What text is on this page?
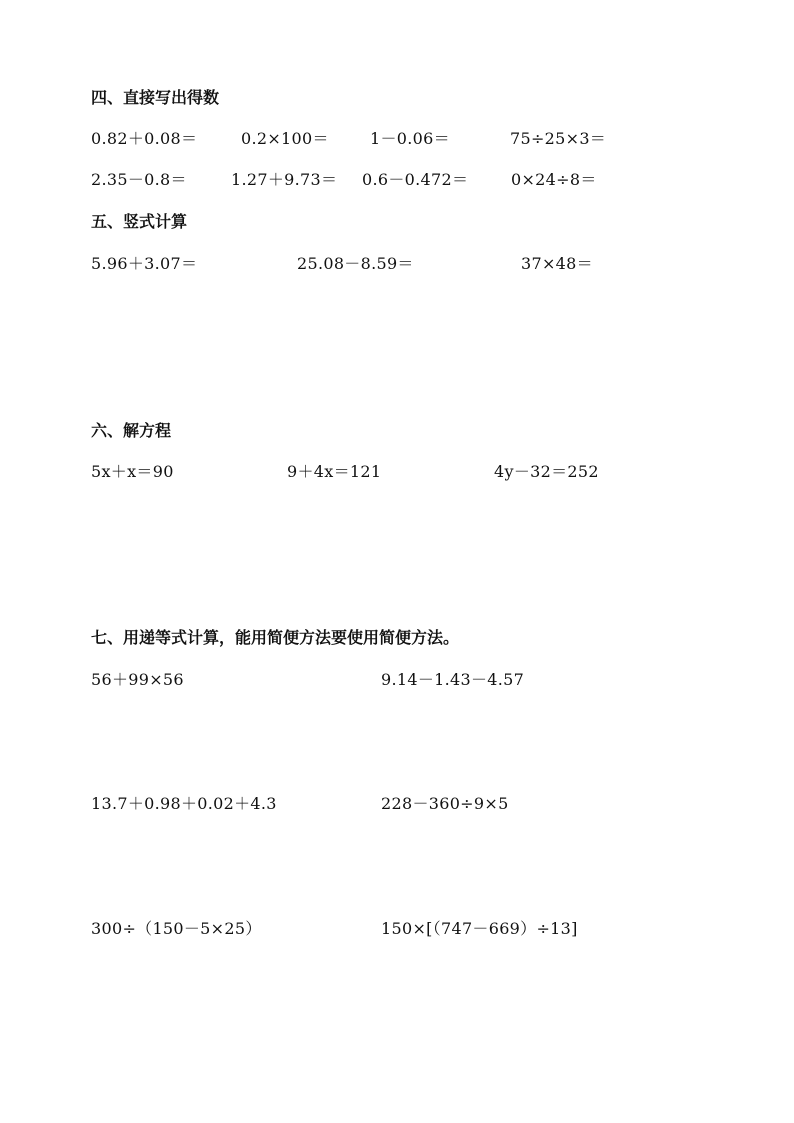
四、直接写出得数
0.82＋0.08＝	0.2×100＝	1－0.06＝	75÷25×3＝
2.35－0.8＝	1.27＋9.73＝ 0.6－0.472＝	0×24÷8＝
五、竖式计算
5.96＋3.07＝	25.08－8.59＝	37×48＝
六、解方程
5x＋x＝90	9＋4x＝121	4y－32＝252
七、用递等式计算，能用简便方法要使用简便方法。
56＋99×56	9.14－1.43－4.57
13.7＋0.98＋0.02＋4.3	228－360÷9×5
300÷（150－5×25）	150×[（747－669）÷13]
